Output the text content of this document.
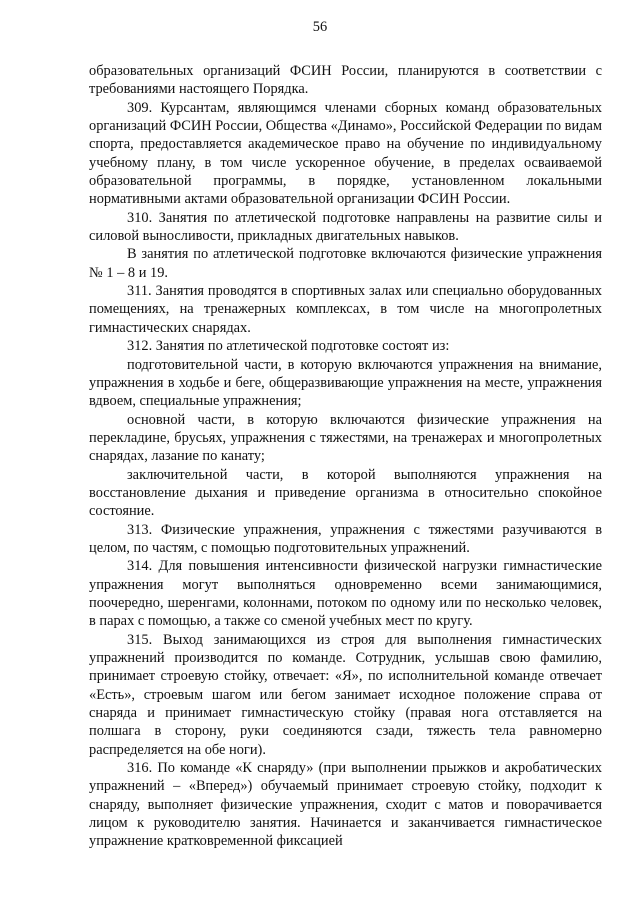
56

образовательных организаций ФСИН России, планируются в соответствии с требованиями настоящего Порядка.

309. Курсантам, являющимся членами сборных команд образовательных организаций ФСИН России, Общества «Динамо», Российской Федерации по видам спорта, предоставляется академическое право на обучение по индивидуальному учебному плану, в том числе ускоренное обучение, в пределах осваиваемой образовательной программы, в порядке, установленном локальными нормативными актами образовательной организации ФСИН России.

310. Занятия по атлетической подготовке направлены на развитие силы и силовой выносливости, прикладных двигательных навыков.

В занятия по атлетической подготовке включаются физические упражнения № 1 – 8 и 19.

311. Занятия проводятся в спортивных залах или специально оборудованных помещениях, на тренажерных комплексах, в том числе на многопролетных гимнастических снарядах.

312. Занятия по атлетической подготовке состоят из:

подготовительной части, в которую включаются упражнения на внимание, упражнения в ходьбе и беге, общеразвивающие упражнения на месте, упражнения вдвоем, специальные упражнения;

основной части, в которую включаются физические упражнения на перекладине, брусьях, упражнения с тяжестями, на тренажерах и многопролетных снарядах, лазание по канату;

заключительной части, в которой выполняются упражнения на восстановление дыхания и приведение организма в относительно спокойное состояние.

313. Физические упражнения, упражнения с тяжестями разучиваются в целом, по частям, с помощью подготовительных упражнений.

314. Для повышения интенсивности физической нагрузки гимнастические упражнения могут выполняться одновременно всеми занимающимися, поочередно, шеренгами, колоннами, потоком по одному или по несколько человек, в парах с помощью, а также со сменой учебных мест по кругу.

315. Выход занимающихся из строя для выполнения гимнастических упражнений производится по команде. Сотрудник, услышав свою фамилию, принимает строевую стойку, отвечает: «Я», по исполнительной команде отвечает «Есть», строевым шагом или бегом занимает исходное положение справа от снаряда и принимает гимнастическую стойку (правая нога отставляется на полшага в сторону, руки соединяются сзади, тяжесть тела равномерно распределяется на обе ноги).

316. По команде «К снаряду» (при выполнении прыжков и акробатических упражнений – «Вперед») обучаемый принимает строевую стойку, подходит к снаряду, выполняет физические упражнения, сходит с матов и поворачивается лицом к руководителю занятия. Начинается и заканчивается гимнастическое упражнение кратковременной фиксацией
